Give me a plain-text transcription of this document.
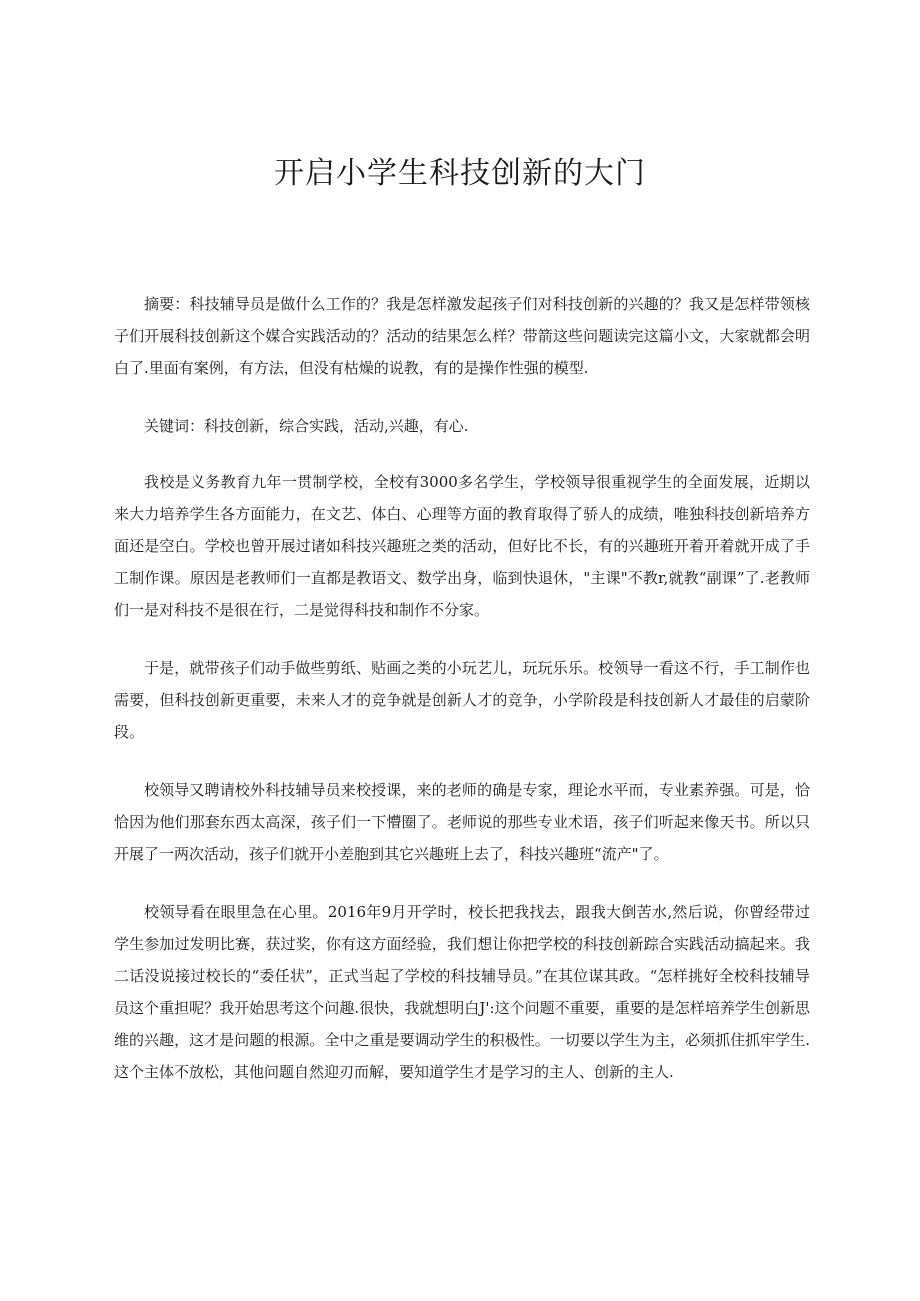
开启小学生科技创新的大门

摘要：科技辅导员是做什么工作的？我是怎样激发起孩子们对科技创新的兴趣的？我又是怎样带领核子们开展科技创新这个媒合实践活动的？活动的结果怎么样？带箭这些问题读完这篇小文，大家就都会明白了.里面有案例，有方法，但没有枯燥的说教，有的是操作性强的模型.

关键词：科技创新，综合实践，活动,兴趣，有心.

我校是义务教育九年一贯制学校，全校有3000多名学生，学校领导很重视学生的全面发展，近期以来大力培养学生各方面能力，在文艺、体白、心理等方面的教育取得了骄人的成绩，唯独科技创新培养方面还是空白。学校也曾开展过诸如科技兴趣班之类的活动，但好比不长，有的兴趣班开着开着就开成了手工制作课。原因是老教师们一直都是教语文、数学出身，临到快退休，"主课"不教r,就教“副课”了.老教师们一是对科技不是很在行，二是觉得科技和制作不分家。

于是，就带孩子们动手做些剪纸、贴画之类的小玩艺儿，玩玩乐乐。校领导一看这不行，手工制作也需要，但科技创新更重要，未来人才的竞争就是创新人才的竞争，小学阶段是科技创新人才最佳的启蒙阶段。

校领导又聘请校外科技辅导员来校授课，来的老师的确是专家，理论水平而，专业素养强。可是，恰恰因为他们那套东西太高深，孩子们一下懵圈了。老师说的那些专业术语，孩子们听起来像天书。所以只开展了一两次活动，孩子们就开小差胞到其它兴趣班上去了，科技兴趣班“流产"了。

校领导看在眼里急在心里。2016年9月开学时，校长把我找去，跟我大倒苦水,然后说，你曾经带过学生参加过发明比赛，获过奖，你有这方面经验，我们想让你把学校的科技创新踪合实践活动搞起来。我二话没说接过校长的“委任状”，正式当起了学校的科技辅导员。”在其位谋其政。“怎样挑好全校科技辅导员这个重担呢？我开始思考这个问趣.很快，我就想明白J':这个问题不重要，重要的是怎样培养学生创新思维的兴趣，这才是问题的根源。全中之重是要调动学生的积极性。一切要以学生为主，必须抓住抓牢学生.这个主体不放松，其他问题自然迎刃而解，要知道学生才是学习的主人、创新的主人.
